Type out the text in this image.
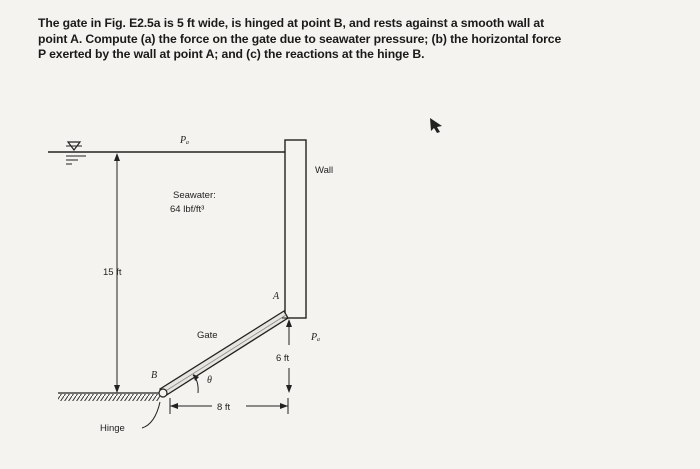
The gate in Fig. E2.5a is 5 ft wide, is hinged at point B, and rests against a smooth wall at
point A. Compute (a) the force on the gate due to seawater pressure; (b) the horizontal force
P exerted by the wall at point A; and (c) the reactions at the hinge B.
Pₐ
Wall
Seawater:
64 lbf/ft³
15 ft
A
Gate	Pₐ
6 ft
B	θ
8 ft
Hinge
